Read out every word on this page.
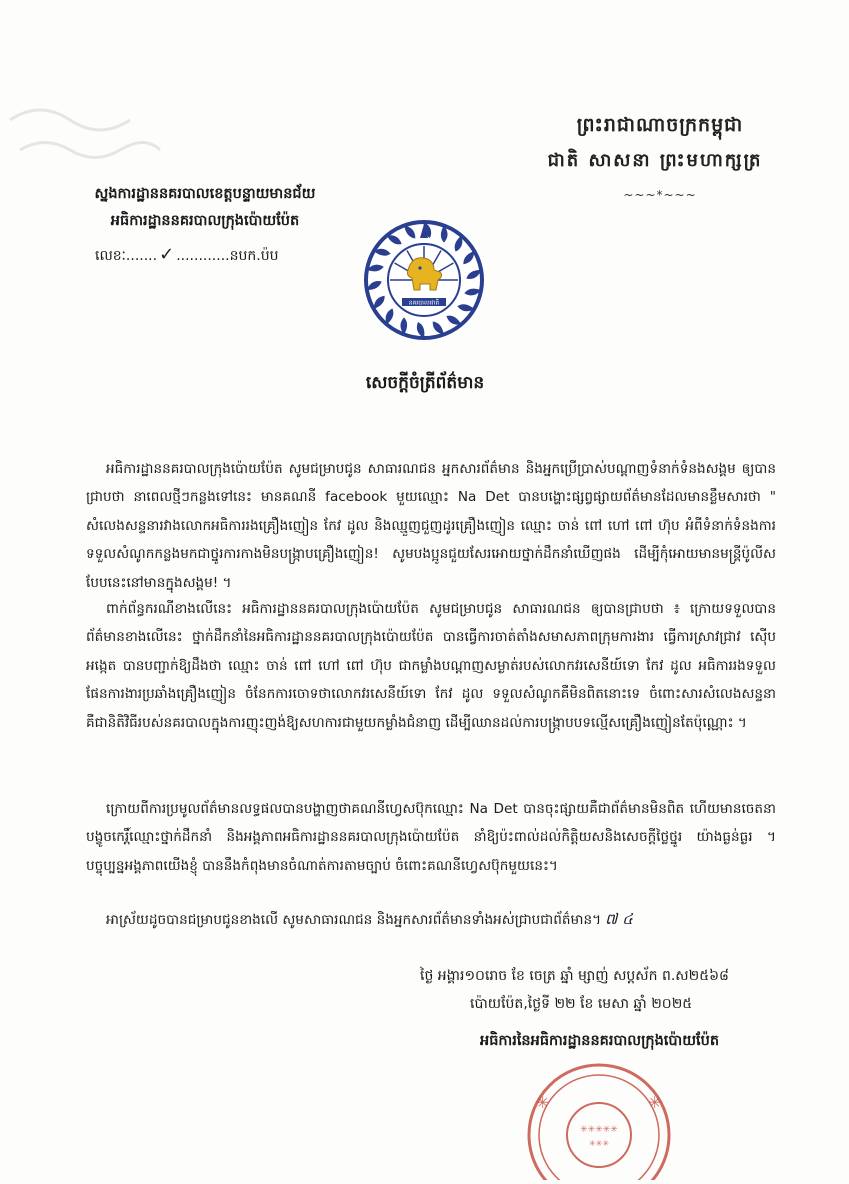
ព្រះរាជាណាចក្រកម្ពុជា
ជាតិ សាសនា ព្រះមហាក្សត្រ
~~~*~~~
ស្នងការដ្ឋាននគរបាលខេត្តបន្ទាយមានជ័យ
អធិការដ្ឋាននគរបាលក្រុងប៉ោយប៉ែត
លេខៈ....... ✓ ............នបក.ប៉ប
នគរបាលជាតិ
សេចក្តីចំត្រីព័ត៌មាន
អធិការដ្ឋាននគរបាលក្រុងប៉ោយប៉ែត សូមជម្រាបជូន សាធារណជន អ្នកសារព័ត៌មាន និងអ្នកប្រើប្រាស់បណ្តាញទំនាក់ទំនងសង្គម ឲ្យបានជ្រាបថា នាពេលថ្មីៗកន្លងទៅនេះ មានគណនី facebook មួយឈ្មោះ Na Det បានបង្ហោះផ្សព្វផ្សាយព័ត៌មានដែលមានខ្លឹមសារថា " សំលេងសន្ទនារវាងលោកអធិការរងគ្រឿងញៀន កែវ ដូល និងឈ្មួញជួញដូរគ្រឿងញៀន ឈ្មោះ ចាន់ ពៅ ហៅ ពៅ ហ៊ុប អំពីទំនាក់ទំនងការទទួលសំណូកកន្លងមកជាថ្នូរការកាងមិនបង្ក្រាបគ្រឿងញៀន! សូមបងប្អូនជួយសែរអោយថ្នាក់ដឹកនាំឃើញផង ដើម្បីកុំអោយមានមន្ត្រីប៉ូលីសបែបនេះនៅមានក្នុងសង្គម! ។
ពាក់ព័ន្ធករណីខាងលើនេះ អធិការដ្ឋាននគរបាលក្រុងប៉ោយប៉ែត សូមជម្រាបជូន សាធារណជន ឲ្យបានជ្រាបថា ៖ ក្រោយទទួលបានព័ត៌មានខាងលើនេះ ថ្នាក់ដឹកនាំនៃអធិការដ្ឋាននគរបាលក្រុងប៉ោយប៉ែត បានធ្វើការចាត់តាំងសមាសភាពក្រុមការងារ ធ្វើការស្រាវជ្រាវ ស៊ើបអង្កេត បានបញ្ជាក់ឱ្យដឹងថា ឈ្មោះ ចាន់ ពៅ ហៅ ពៅ ហ៊ុប ជាកម្លាំងបណ្តាញសម្ងាត់របស់លោកវរសេនីយ៍ទោ កែវ ដូល អធិការរងទទួលផែនការងារប្រឆាំងគ្រឿងញៀន ចំនែកការចោទថាលោកវរសេនីយ៍ទោ កែវ ដូល ទទួលសំណូកគឺមិនពិតនោះទេ ចំពោះសារសំលេងសន្ទនាគឺជានិតិវិធីរបស់នគរបាលក្នុងការញុះញង់ឱ្យសហការជាមួយកម្លាំងជំនាញ ដើម្បីឈានដល់ការបង្ក្រាបបទល្មើសគ្រឿងញៀនតែប៉ុណ្ណោះ ។
ក្រោយពីការប្រមូលព័ត៌មានលទ្ធផលបានបង្ហាញថាគណនីហ្វេសប៊ុកឈ្មោះ Na Det បានចុះផ្សាយគឺជាព័ត៌មានមិនពិត ហើយមានចេតនាបង្ខូចកេរ្តិ៍ឈ្មោះថ្នាក់ដឹកនាំ និងអង្គភាពអធិការដ្ឋាននគរបាលក្រុងប៉ោយប៉ែត នាំឱ្យប៉ះពាល់ដល់កិត្តិយសនិងសេចក្តីថ្លៃថ្នូរ យ៉ាងធ្ងន់ធ្ងរ ។ បច្ចុប្បន្នអង្គភាពយើងខ្ញុំ បាននឹងកំពុងមានចំណាត់ការតាមច្បាប់ ចំពោះគណនីហ្វេសប៊ុកមួយនេះ។
អាស្រ័យដូចបានជម្រាបជូនខាងលើ សូមសាធារណជន និងអ្នកសារព័ត៌មានទាំងអស់ជ្រាបជាព័ត៌មាន។ ៧ ៤
ថ្ងៃ អង្គារ១០រោច ខែ ចេត្រ ឆ្នាំ ម្សាញ់ សប្តស័ក ព.ស២៥៦៨
ប៉ោយប៉ែត,ថ្ងៃទី ២២ ខែ មេសា ឆ្នាំ ២០២៥
អធិការនៃអធិការដ្ឋាននគរបាលក្រុងប៉ោយប៉ែត
✳	✳
✳✳✳✳✳
✳✳✳
